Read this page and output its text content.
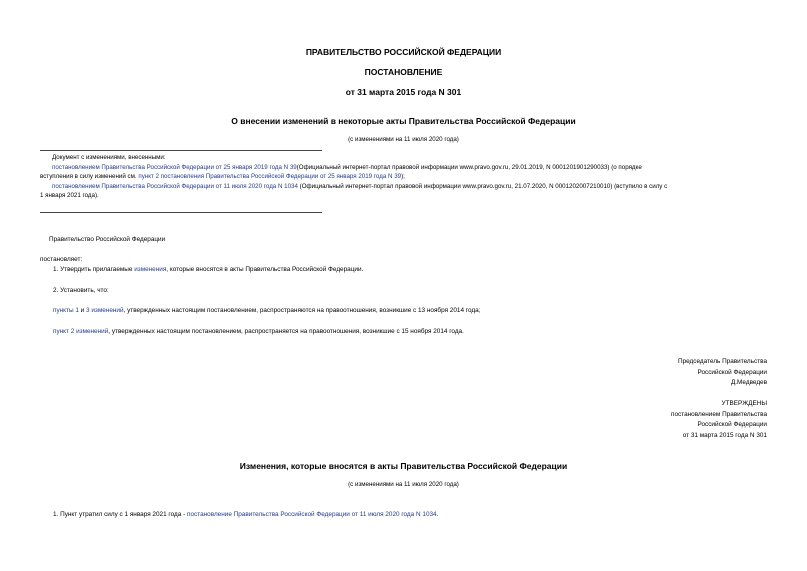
ПРАВИТЕЛЬСТВО РОССИЙСКОЙ ФЕДЕРАЦИИ
ПОСТАНОВЛЕНИЕ
от 31 марта 2015 года N 301
О внесении изменений в некоторые акты Правительства Российской Федерации
(с изменениями на 11 июля 2020 года)
Документ с изменениями, внесенными:
постановлением Правительства Российской Федерации от 25 января 2019 года N 39(Официальный интернет-портал правовой информации www.pravo.gov.ru, 29.01.2019, N 0001201901290033) (о порядке
вступления в силу изменений см. пункт 2 постановления Правительства Российской Федерации от 25 января 2019 года N 39);
постановлением Правительства Российской Федерации от 11 июля 2020 года N 1034 (Официальный интернет-портал правовой информации www.pravo.gov.ru, 21.07.2020, N 0001202007210010) (вступило в силу с
1 января 2021 года).
Правительство Российской Федерации
постановляет:
1. Утвердить прилагаемые изменения, которые вносятся в акты Правительства Российской Федерации.
2. Установить, что:
пункты 1 и 3 изменений, утвержденных настоящим постановлением, распространяются на правоотношения, возникшие с 13 ноября 2014 года;
пункт 2 изменений, утвержденных настоящим постановлением, распространяется на правоотношения, возникшие с 15 ноября 2014 года.
Председатель Правительства
Российской Федерации
Д.Медведев
УТВЕРЖДЕНЫ
постановлением Правительства
Российской Федерации
от 31 марта 2015 года N 301
Изменения, которые вносятся в акты Правительства Российской Федерации
(с изменениями на 11 июля 2020 года)
1. Пункт утратил силу с 1 января 2021 года - постановление Правительства Российской Федерации от 11 июля 2020 года N 1034.
